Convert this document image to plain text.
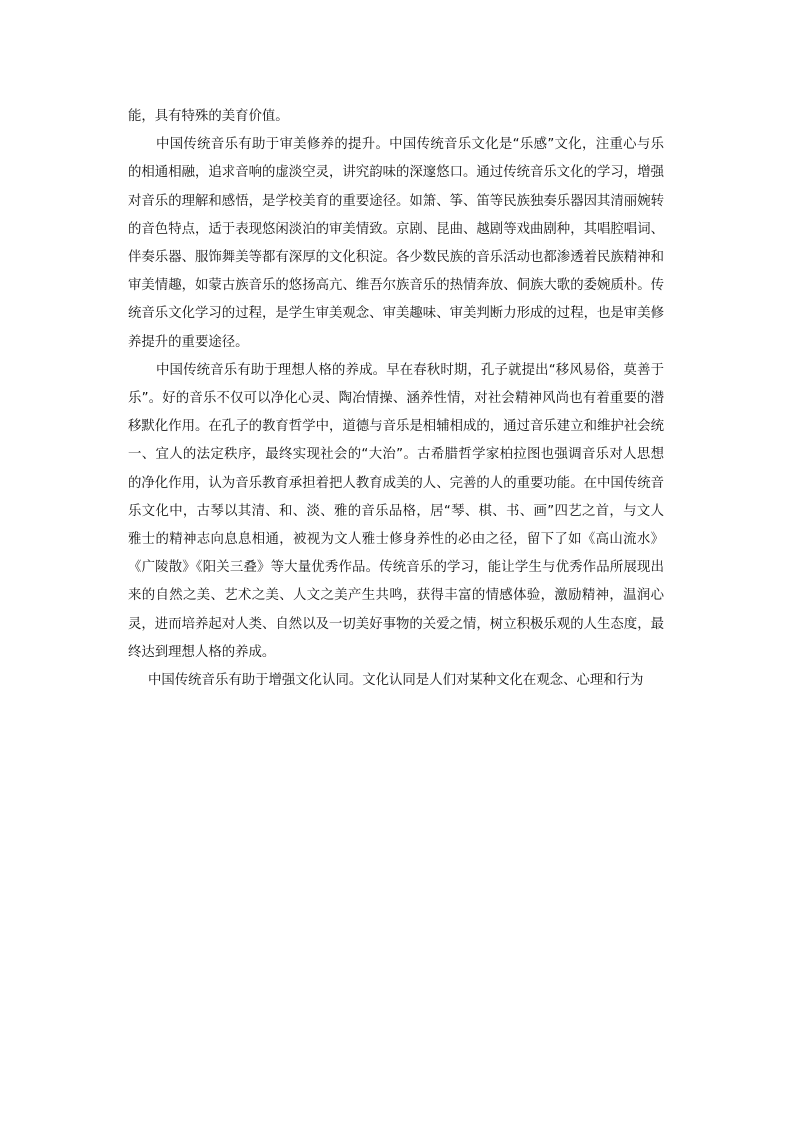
能，具有特殊的美育价值。

中国传统音乐有助于审美修养的提升。中国传统音乐文化是“乐感”文化，注重心与乐的相通相融，追求音响的虚淡空灵，讲究韵味的深邃悠口。通过传统音乐文化的学习，增强对音乐的理解和感悟，是学校美育的重要途径。如箫、筝、笛等民族独奏乐器因其清丽婉转的音色特点，适于表现悠闲淡泊的审美情致。京剧、昆曲、越剧等戏曲剧种，其唱腔唱词、伴奏乐器、服饰舞美等都有深厚的文化积淀。各少数民族的音乐活动也都渗透着民族精神和审美情趣，如蒙古族音乐的悠扬高亢、维吾尔族音乐的热情奔放、侗族大歌的委婉质朴。传统音乐文化学习的过程，是学生审美观念、审美趣味、审美判断力形成的过程，也是审美修养提升的重要途径。

中国传统音乐有助于理想人格的养成。早在春秋时期，孔子就提出“移风易俗，莫善于乐”。好的音乐不仅可以净化心灵、陶冶情操、涵养性情，对社会精神风尚也有着重要的潜移默化作用。在孔子的教育哲学中，道德与音乐是相辅相成的，通过音乐建立和维护社会统一、宜人的法定秩序，最终实现社会的“大治”。古希腊哲学家柏拉图也强调音乐对人思想的净化作用，认为音乐教育承担着把人教育成美的人、完善的人的重要功能。在中国传统音乐文化中，古琴以其清、和、淡、雅的音乐品格，居“琴、棋、书、画”四艺之首，与文人雅士的精神志向息息相通，被视为文人雅士修身养性的必由之径，留下了如《高山流水》《广陵散》《阳关三叠》等大量优秀作品。传统音乐的学习，能让学生与优秀作品所展现出来的自然之美、艺术之美、人文之美产生共鸣，获得丰富的情感体验，激励精神，温润心灵，进而培养起对人类、自然以及一切美好事物的关爱之情，树立积极乐观的人生态度，最终达到理想人格的养成。

中国传统音乐有助于增强文化认同。文化认同是人们对某种文化在观念、心理和行为
